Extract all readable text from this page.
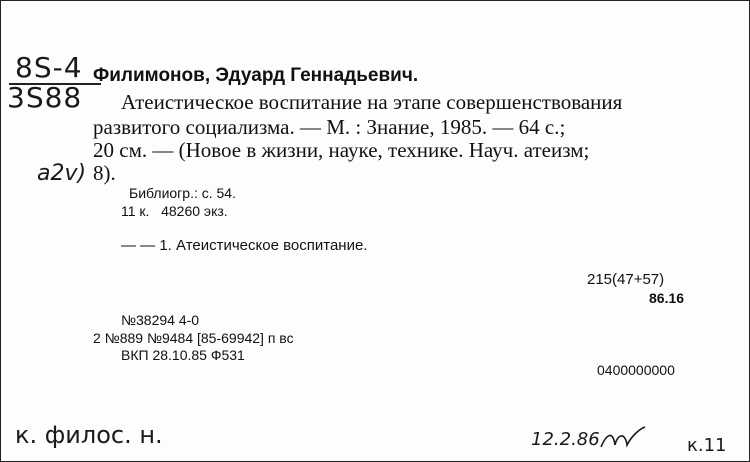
8S-4
3S88
a2v)
Филимонов, Эдуард Геннадьевич.
Атеистическое воспитание на этапе совершенствования
развитого социализма. — М. : Знание, 1985. — 64 с.;
20 см. — (Новое в жизни, науке, технике. Науч. атеизм;
8).
Библиогр.: с. 54.
11 к.   48260 экз.
— — 1. Атеистическое воспитание.
215(47+57)
86.16
№38294 4-0
2 №889 №9484 [85-69942] п вс
ВКП 28.10.85 Ф531
0400000000
к. филос. н.	12.2.86	к.11
